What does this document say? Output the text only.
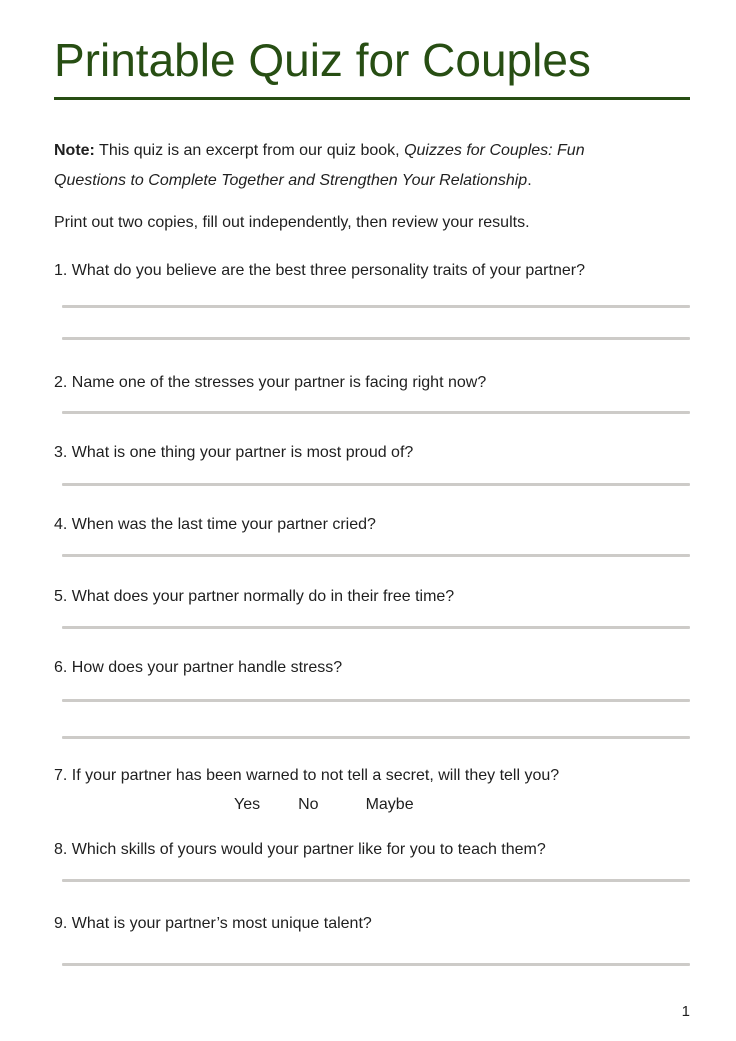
Printable Quiz for Couples

Note: This quiz is an excerpt from our quiz book, Quizzes for Couples: Fun Questions to Complete Together and Strengthen Your Relationship.

Print out two copies, fill out independently, then review your results.

1. What do you believe are the best three personality traits of your partner?
2. Name one of the stresses your partner is facing right now?
3. What is one thing your partner is most proud of?
4. When was the last time your partner cried?
5. What does your partner normally do in their free time?
6. How does your partner handle stress?
7. If your partner has been warned to not tell a secret, will they tell you?
Yes No	Maybe
8. Which skills of yours would your partner like for you to teach them?
9. What is your partner’s most unique talent?
1
